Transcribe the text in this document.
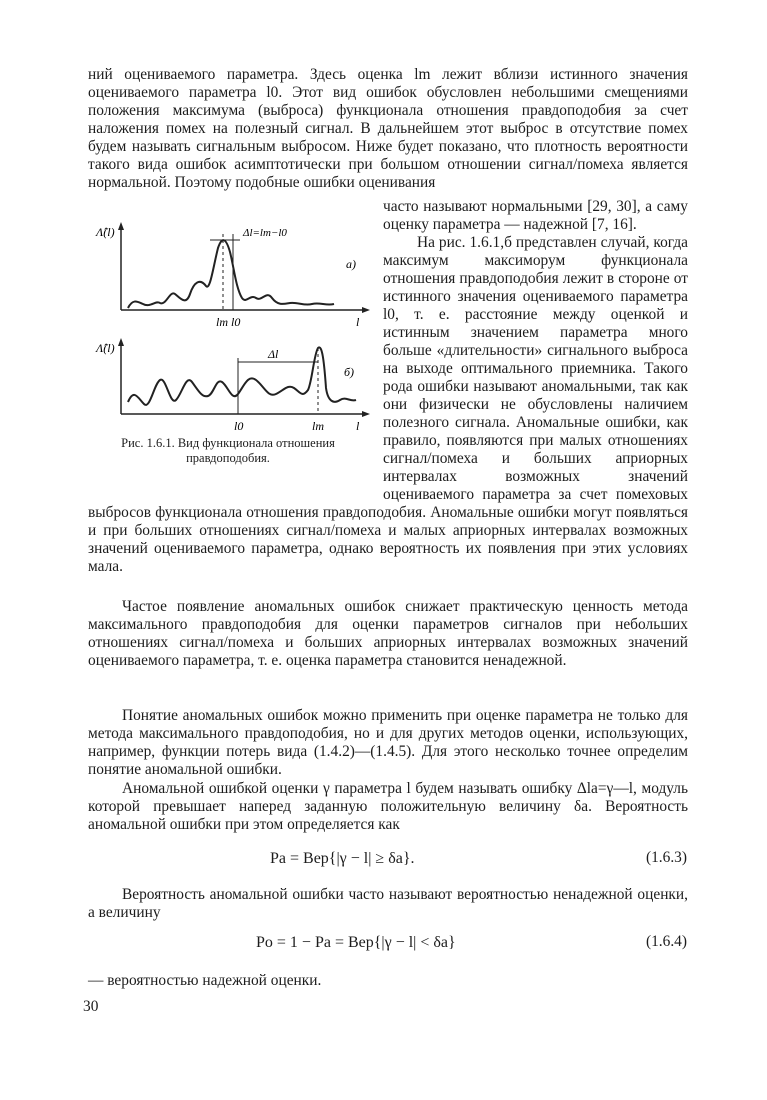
ний оцениваемого параметра. Здесь оценка lm лежит вблизи истинного значения оцениваемого параметра l0. Этот вид ошибок обусловлен небольшими смещениями положения максимума (выброса) функционала отношения правдоподобия за счет наложения помех на полезный сигнал. В дальнейшем этот выброс в отсутствие помех будем называть сигнальным выбросом. Ниже будет показано, что плотность вероятности такого вида ошибок асимптотически при большом отношении сигнал/помеха является нормальной. Поэтому подобные ошибки оценивания

Λ̂(l)	Δl=lm−l0
а)
lm l0	l
Λ̂(l)	Δl
б)
l0	lm	l
Рис. 1.6.1. Вид функционала отношения правдоподобия.

часто называют нормальными [29, 30], а саму оценку параметра — надежной [7, 16].

На рис. 1.6.1,б представлен случай, когда максимум максиморум функционала отношения правдоподобия лежит в стороне от истинного значения оцениваемого параметра l0, т. е. расстояние между оценкой и истинным значением параметра много больше «длительности» сигнального выброса на выходе оптимального приемника. Такого рода ошибки называют аномальными, так как они физически не обусловлены наличием полезного сигнала. Аномальные ошибки, как правило, появляются при малых отношениях сигнал/помеха и больших априорных интервалах возможных значений оцениваемого параметра за счет помеховых выбросов функционала отношения правдоподобия. Аномальные ошибки могут появляться и при больших отношениях сигнал/помеха и малых априорных интервалах возможных значений оцениваемого параметра, однако вероятность их появления при этих условиях мала.

Частое появление аномальных ошибок снижает практическую ценность метода максимального правдоподобия для оценки параметров сигналов при небольших отношениях сигнал/помеха и больших априорных интервалах возможных значений оцениваемого параметра, т. е. оценка параметра становится ненадежной.

Понятие аномальных ошибок можно применить при оценке параметра не только для метода максимального правдоподобия, но и для других методов оценки, использующих, например, функции потерь вида (1.4.2)—(1.4.5). Для этого несколько точнее определим понятие аномальной ошибки.

Аномальной ошибкой оценки γ параметра l будем называть ошибку Δlа=γ—l, модуль которой превышает наперед заданную положительную величину δа. Вероятность аномальной ошибки при этом определяется как

Pа = Вер{|γ − l| ≥ δа}.	(1.6.3)

Вероятность аномальной ошибки часто называют вероятностью ненадежной оценки, а величину

Pо = 1 − Pа = Вер{|γ − l| < δа}	(1.6.4)

— вероятностью надежной оценки.

30
